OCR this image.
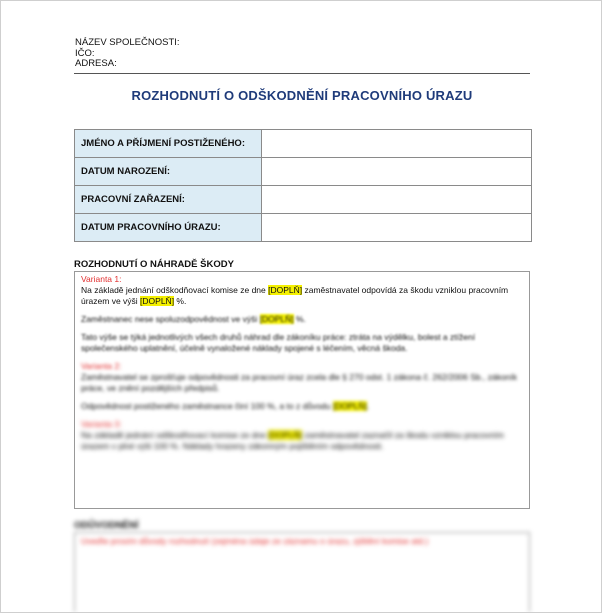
NÁZEV SPOLEČNOSTI:
IČO:
ADRESA:
ROZHODNUTÍ O ODŠKODNĚNÍ PRACOVNÍHO ÚRAZU
JMÉNO A PŘÍJMENÍ POSTIŽENÉHO:	
DATUM NAROZENÍ:	
PRACOVNÍ ZAŘAZENÍ:	
DATUM PRACOVNÍHO ÚRAZU:	
ROZHODNUTÍ O NÁHRADĚ ŠKODY
Varianta 1:
Na základě jednání odškodňovací komise ze dne [DOPLŇ] zaměstnavatel odpovídá za škodu vzniklou pracovním úrazem ve výši [DOPLŇ] %.
Zaměstnanec nese spoluzodpovědnost ve výši [DOPLŇ] %.
Tato výše se týká jednotlivých všech druhů náhrad dle zákoníku práce: ztráta na výdělku, bolest a ztížení společenského uplatnění, účelně vynaložené náklady spojené s léčením, věcná škoda.
Varianta 2:
Zaměstnavatel se zprošťuje odpovědnosti za pracovní úraz zcela dle § 270 odst. 1 zákona č. 262/2006 Sb., zákoník práce, ve znění pozdějších předpisů.
Odpovědnost postiženého zaměstnance činí 100 %, a to z důvodu [DOPLŇ].
Varianta 3:
Na základě jednání odškodňovací komise ze dne [DOPLŇ] zaměstnavatel zaznačil za škodu vzniklou pracovním úrazem v plné výši 100 %. Náklady hrazeny zákonným pojištěním odpovědnosti.
ODŮVODNĚNÍ
Uveďte prosím důvody rozhodnutí (zejména údaje ze záznamu o úrazu, zjištění komise atd.)
